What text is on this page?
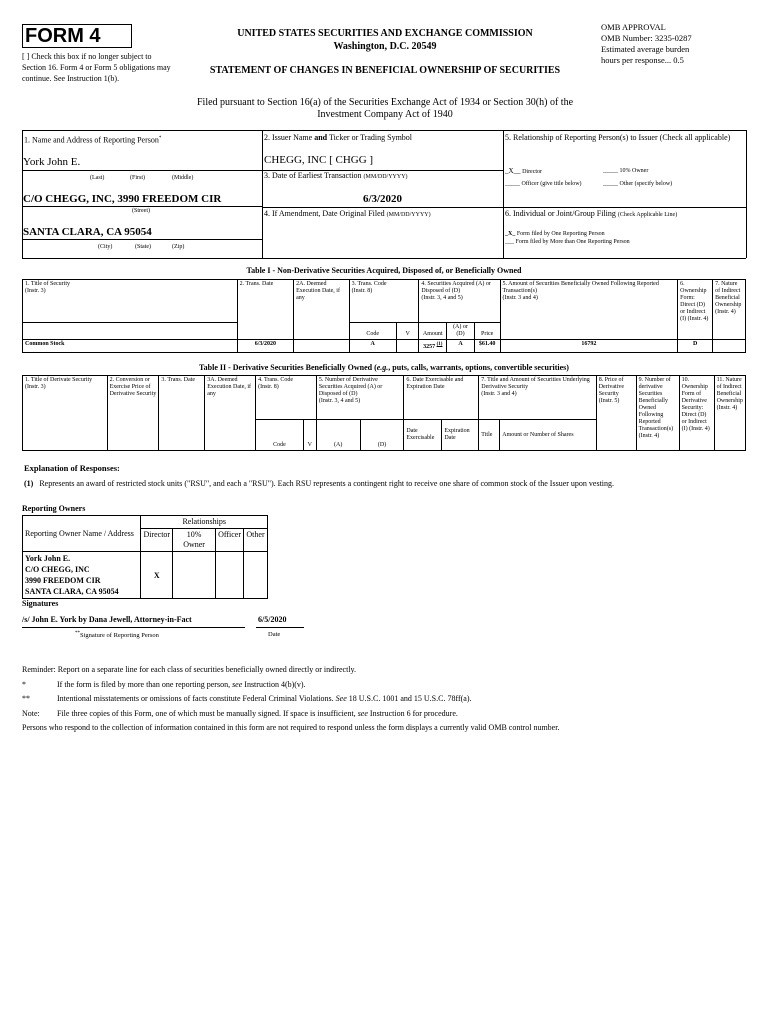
FORM 4
[ ] Check this box if no longer subject to Section 16. Form 4 or Form 5 obligations may continue. See Instruction 1(b).
UNITED STATES SECURITIES AND EXCHANGE COMMISSION
Washington, D.C. 20549
STATEMENT OF CHANGES IN BENEFICIAL OWNERSHIP OF SECURITIES
OMB APPROVAL
OMB Number: 3235-0287
Estimated average burden
hours per response... 0.5
Filed pursuant to Section 16(a) of the Securities Exchange Act of 1934 or Section 30(h) of the
Investment Company Act of 1940
1. Name and Address of Reporting Person*
York John E.
(Last)	(First)	(Middle)
C/O CHEGG, INC, 3990 FREEDOM CIR
(Street)
SANTA CLARA, CA 95054
(City)	(State)	(Zip)
2. Issuer Name and Ticker or Trading Symbol
CHEGG, INC [ CHGG ]
3. Date of Earliest Transaction (MM/DD/YYYY)
6/3/2020
4. If Amendment, Date Original Filed (MM/DD/YYYY)
5. Relationship of Reporting Person(s) to Issuer (Check all applicable)
_X__ Director	_____ 10% Owner
_____ Officer (give title below)	_____ Other (specify below)
6. Individual or Joint/Group Filing (Check Applicable Line)
_X_ Form filed by One Reporting Person
___ Form filed by More than One Reporting Person
Table I - Non-Derivative Securities Acquired, Disposed of, or Beneficially Owned
1. Title of Security
(Instr. 3)	2. Trans. Date	2A. Deemed Execution Date, if any	3. Trans. Code
(Instr. 8)		4. Securities Acquired (A) or Disposed of (D)
(Instr. 3, 4 and 5)			5. Amount of Securities Beneficially Owned Following Reported Transaction(s)
(Instr. 3 and 4)	6. Ownership Form: Direct (D) or Indirect (I) (Instr. 4)	7. Nature of Indirect Beneficial Ownership (Instr. 4)
			Code	V	Amount	(A) or (D)	Price			
Common Stock	6/3/2020		A		3257 $^{(1)}$	A	$61.40	16792	D	
Table II - Derivative Securities Beneficially Owned (e.g., puts, calls, warrants, options, convertible securities)
1. Title of Derivate Security
(Instr. 3)	2. Conversion or Exercise Price of Derivative Security	3. Trans. Date	3A. Deemed Execution Date, if any	4. Trans. Code
(Instr. 8)		5. Number of Derivative Securities Acquired (A) or Disposed of (D)
(Instr. 3, 4 and 5)		6. Date Exercisable and Expiration Date		7. Title and Amount of Securities Underlying Derivative Security
(Instr. 3 and 4)		8. Price of Derivative Security
(Instr. 5)	9. Number of derivative Securities Beneficially Owned Following Reported Transaction(s)
(Instr. 4)	10. Ownership Form of Derivative Security: Direct (D) or Indirect (I) (Instr. 4)	11. Nature of Indirect Beneficial Ownership (Instr. 4)
				Code	V	(A)	(D)	Date Exercisable	Expiration Date	Title	Amount or Number of Shares				
Explanation of Responses:
(1) Represents an award of restricted stock units ("RSU", and each a "RSU"). Each RSU represents a contingent right to receive one share of common stock of the Issuer upon vesting.
Reporting Owners
Reporting Owner Name / Address	Relationships			
	Director	10% Owner	Officer	Other

York John E.
C/O CHEGG, INC
3990 FREEDOM CIR
SANTA CLARA, CA 95054	X			
Signatures
/s/ John E. York by Dana Jewell, Attorney-in-Fact	6/5/2020
**Signature of Reporting Person	Date
Reminder: Report on a separate line for each class of securities beneficially owned directly or indirectly.
*	If the form is filed by more than one reporting person, see Instruction 4(b)(v).
**	Intentional misstatements or omissions of facts constitute Federal Criminal Violations. See 18 U.S.C. 1001 and 15 U.S.C. 78ff(a).
Note: File three copies of this Form, one of which must be manually signed. If space is insufficient, see Instruction 6 for procedure.
Persons who respond to the collection of information contained in this form are not required to respond unless the form displays a currently valid OMB control number.
